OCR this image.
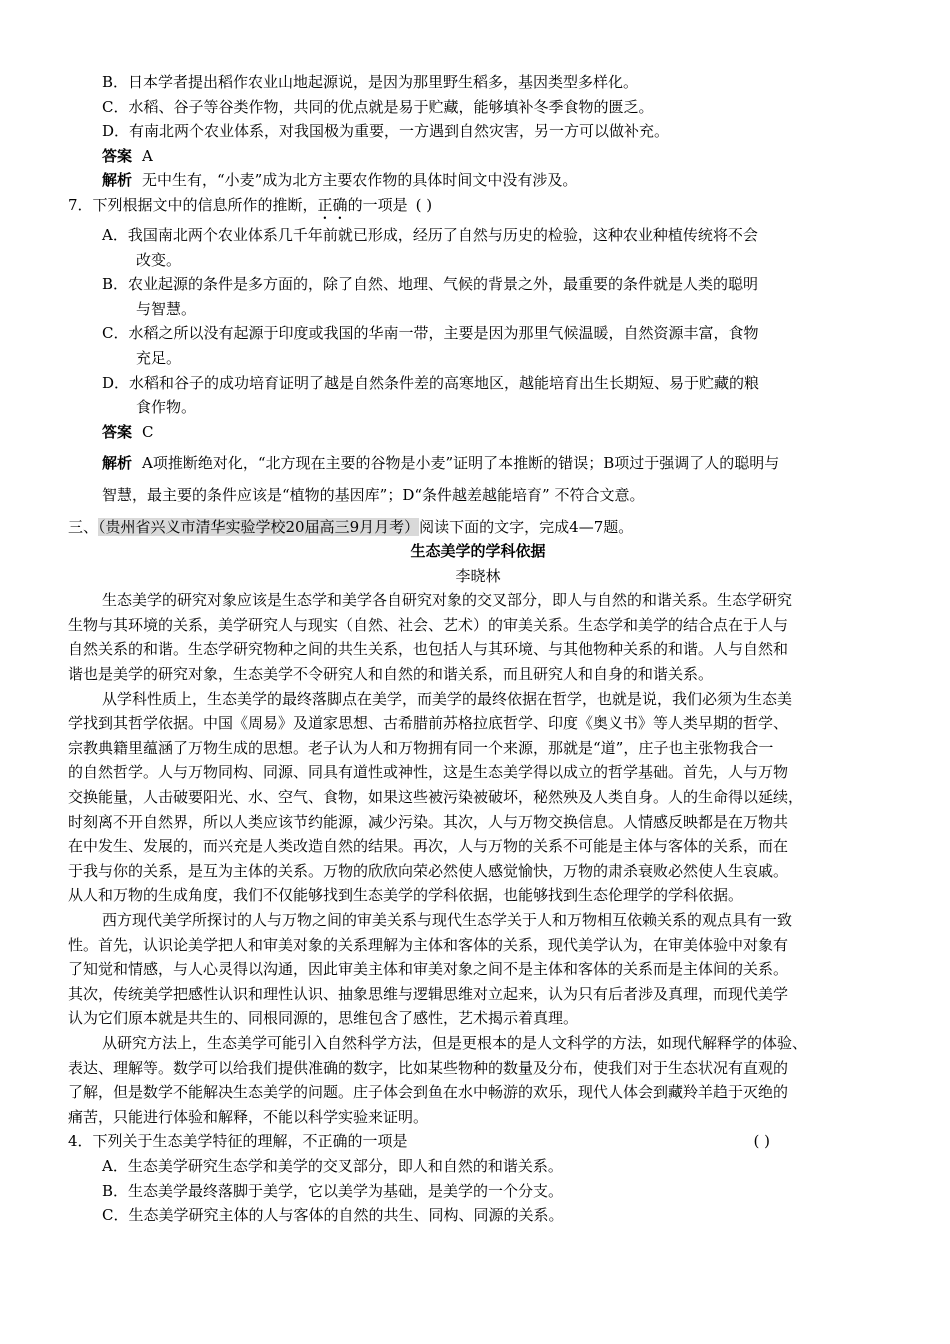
B．日本学者提出稻作农业山地起源说，是因为那里野生稻多，基因类型多样化。
C．水稻、谷子等谷类作物，共同的优点就是易于贮藏，能够填补冬季食物的匮乏。
D．有南北两个农业体系，对我国极为重要，一方遇到自然灾害，另一方可以做补充。
答案 A
解析 无中生有，“小麦”成为北方主要农作物的具体时间文中没有涉及。
7．下列根据文中的信息所作的推断，正确的一项是 ( )
A．我国南北两个农业体系几千年前就已形成，经历了自然与历史的检验，这种农业种植传统将不会
改变。
B．农业起源的条件是多方面的，除了自然、地理、气候的背景之外，最重要的条件就是人类的聪明
与智慧。
C．水稻之所以没有起源于印度或我国的华南一带，主要是因为那里气候温暖，自然资源丰富，食物
充足。
D．水稻和谷子的成功培育证明了越是自然条件差的高寒地区，越能培育出生长期短、易于贮藏的粮
食作物。
答案 C
解析 A项推断绝对化，“北方现在主要的谷物是小麦”证明了本推断的错误；B项过于强调了人的聪明与
智慧，最主要的条件应该是“植物的基因库”；D“条件越差越能培育” 不符合文意。
三、（贵州省兴义市清华实验学校20届高三9月月考）阅读下面的文字，完成4—7题。
生态美学的学科依据
李晓林
生态美学的研究对象应该是生态学和美学各自研究对象的交叉部分，即人与自然的和谐关系。生态学研究
生物与其环境的关系，美学研究人与现实（自然、社会、艺术）的审美关系。生态学和美学的结合点在于人与
自然关系的和谐。生态学研究物种之间的共生关系，也包括人与其环境、与其他物种关系的和谐。人与自然和
谐也是美学的研究对象，生态美学不令研究人和自然的和谐关系，而且研究人和自身的和谐关系。
从学科性质上，生态美学的最终落脚点在美学，而美学的最终依据在哲学，也就是说，我们必须为生态美
学找到其哲学依据。中国《周易》及道家思想、古希腊前苏格拉底哲学、印度《奥义书》等人类早期的哲学、
宗教典籍里蕴涵了万物生成的思想。老子认为人和万物拥有同一个来源，那就是“道”，庄子也主张物我合一
的自然哲学。人与万物同构、同源、同具有道性或神性，这是生态美学得以成立的哲学基础。首先，人与万物
交换能量，人击破要阳光、水、空气、食物，如果这些被污染被破坏，秘然殃及人类自身。人的生命得以延续，
时刻离不开自然界，所以人类应该节约能源，减少污染。其次，人与万物交换信息。人情感反映都是在万物共
在中发生、发展的，而兴充是人类改造自然的结果。再次，人与万物的关系不可能是主体与客体的关系，而在
于我与你的关系，是互为主体的关系。万物的欣欣向荣必然使人感觉愉快，万物的肃杀衰败必然使人生哀戚。
从人和万物的生成角度，我们不仅能够找到生态美学的学科依据，也能够找到生态伦理学的学科依据。
西方现代美学所探讨的人与万物之间的审美关系与现代生态学关于人和万物相互依赖关系的观点具有一致
性。首先，认识论美学把人和审美对象的关系理解为主体和客体的关系，现代美学认为，在审美体验中对象有
了知觉和情感，与人心灵得以沟通，因此审美主体和审美对象之间不是主体和客体的关系而是主体间的关系。
其次，传统美学把感性认识和理性认识、抽象思维与逻辑思维对立起来，认为只有后者涉及真理，而现代美学
认为它们原本就是共生的、同根同源的，思维包含了感性，艺术揭示着真理。
从研究方法上，生态美学可能引入自然科学方法，但是更根本的是人文科学的方法，如现代解释学的体验、
表达、理解等。数学可以给我们提供准确的数字，比如某些物种的数量及分布，使我们对于生态状况有直观的
了解，但是数学不能解决生态美学的问题。庄子体会到鱼在水中畅游的欢乐，现代人体会到藏羚羊趋于灭绝的
痛苦，只能进行体验和解释，不能以科学实验来证明。
4．下列关于生态美学特征的理解，不正确的一项是	( )
A．生态美学研究生态学和美学的交叉部分，即人和自然的和谐关系。
B．生态美学最终落脚于美学，它以美学为基础，是美学的一个分支。
C．生态美学研究主体的人与客体的自然的共生、同构、同源的关系。
